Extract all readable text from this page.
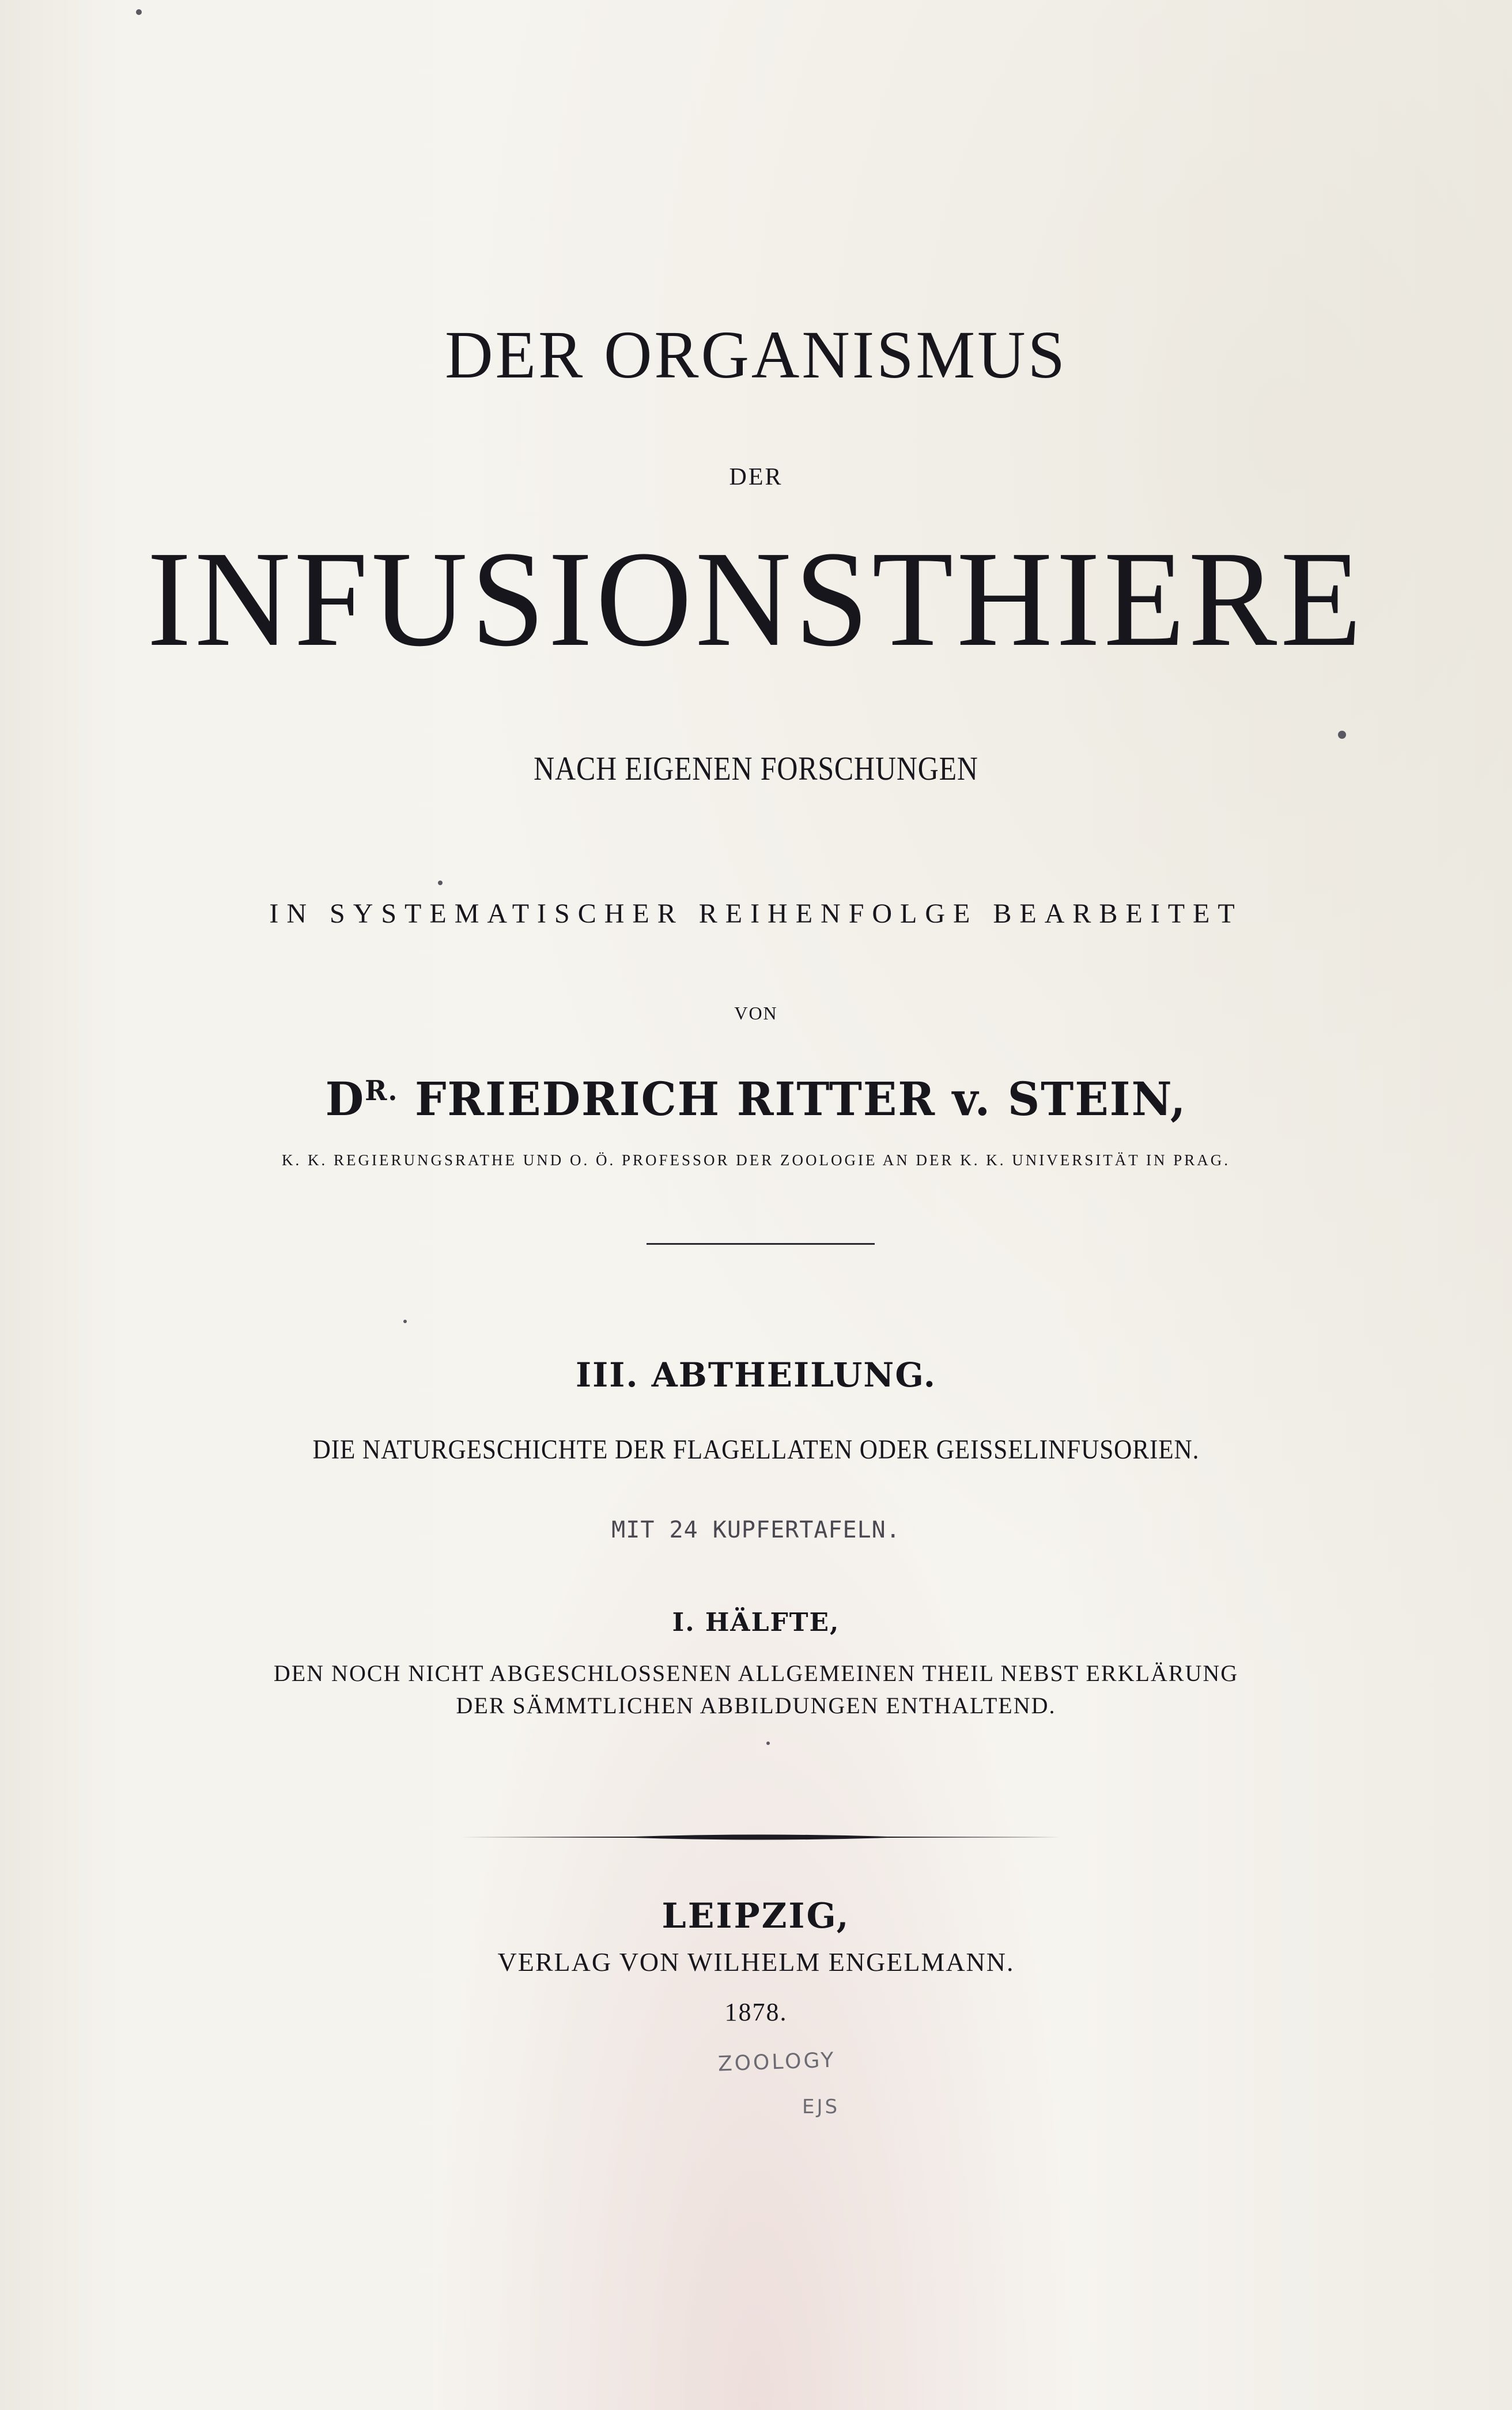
DER ORGANISMUS
DER
INFUSIONSTHIERE
NACH EIGENEN FORSCHUNGEN
IN SYSTEMATISCHER REIHENFOLGE BEARBEITET
VON
$D^{R.}$ FRIEDRICH RITTER v. STEIN,
K. K. REGIERUNGSRATHE UND O. Ö. PROFESSOR DER ZOOLOGIE AN DER K. K. UNIVERSITÄT IN PRAG.
III. ABTHEILUNG.
DIE NATURGESCHICHTE DER FLAGELLATEN ODER GEISSELINFUSORIEN.
MIT 24 KUPFERTAFELN.
I. HÄLFTE,
DEN NOCH NICHT ABGESCHLOSSENEN ALLGEMEINEN THEIL NEBST ERKLÄRUNG
DER SÄMMTLICHEN ABBILDUNGEN ENTHALTEND.
LEIPZIG,
VERLAG VON WILHELM ENGELMANN.
1878.
ZOOLOGY
EJS
